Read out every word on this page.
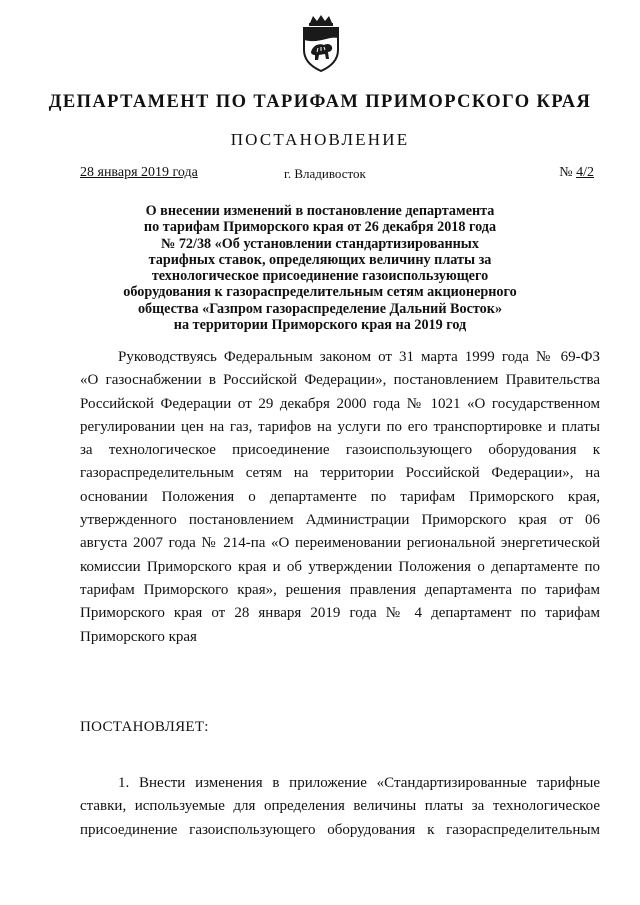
ДЕПАРТАМЕНТ ПО ТАРИФАМ ПРИМОРСКОГО КРАЯ
ПОСТАНОВЛЕНИЕ
28 января 2019 года	г. Владивосток	№ 4/2
О внесении изменений в постановление департамента
по тарифам Приморского края от 26 декабря 2018 года
№ 72/38 «Об установлении стандартизированных
тарифных ставок, определяющих величину платы за
технологическое присоединение газоиспользующего
оборудования к газораспределительным сетям акционерного
общества «Газпром газораспределение Дальний Восток»
на территории Приморского края на 2019 год
Руководствуясь Федеральным законом от 31 марта 1999 года № 69-ФЗ
«О газоснабжении в Российской Федерации», постановлением Правительства
Российской Федерации от 29 декабря 2000 года № 1021 «О государственном
регулировании цен на газ, тарифов на услуги по его транспортировке и платы
за технологическое присоединение газоиспользующего оборудования к
газораспределительным сетям на территории Российской Федерации», на
основании Положения о департаменте по тарифам Приморского края,
утвержденного постановлением Администрации Приморского края от 06
августа 2007 года № 214-па «О переименовании региональной энергетической
комиссии Приморского края и об утверждении Положения о департаменте по
тарифам Приморского края», решения правления департамента по тарифам
Приморского края от 28 января 2019 года № 4 департамент по тарифам
Приморского края
ПОСТАНОВЛЯЕТ:
1. Внести изменения в приложение «Стандартизированные тарифные
ставки, используемые для определения величины платы за технологическое
присоединение газоиспользующего оборудования к газораспределительным
